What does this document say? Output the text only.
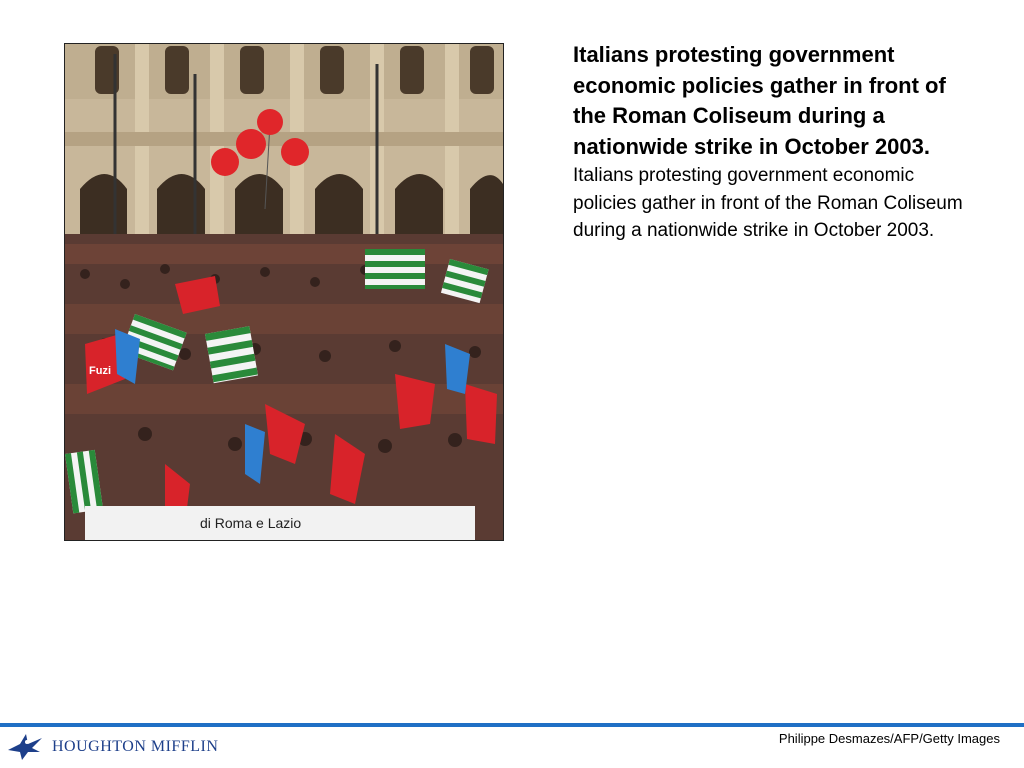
Fuzi
di Roma e Lazio

Italians protesting government economic policies gather in front of the Roman Coliseum during a nationwide strike in October 2003.

Italians protesting government economic policies gather in front of the Roman Coliseum during a nationwide strike in October 2003.

HOUGHTON MIFFLIN	Philippe Desmazes/AFP/Getty Images
